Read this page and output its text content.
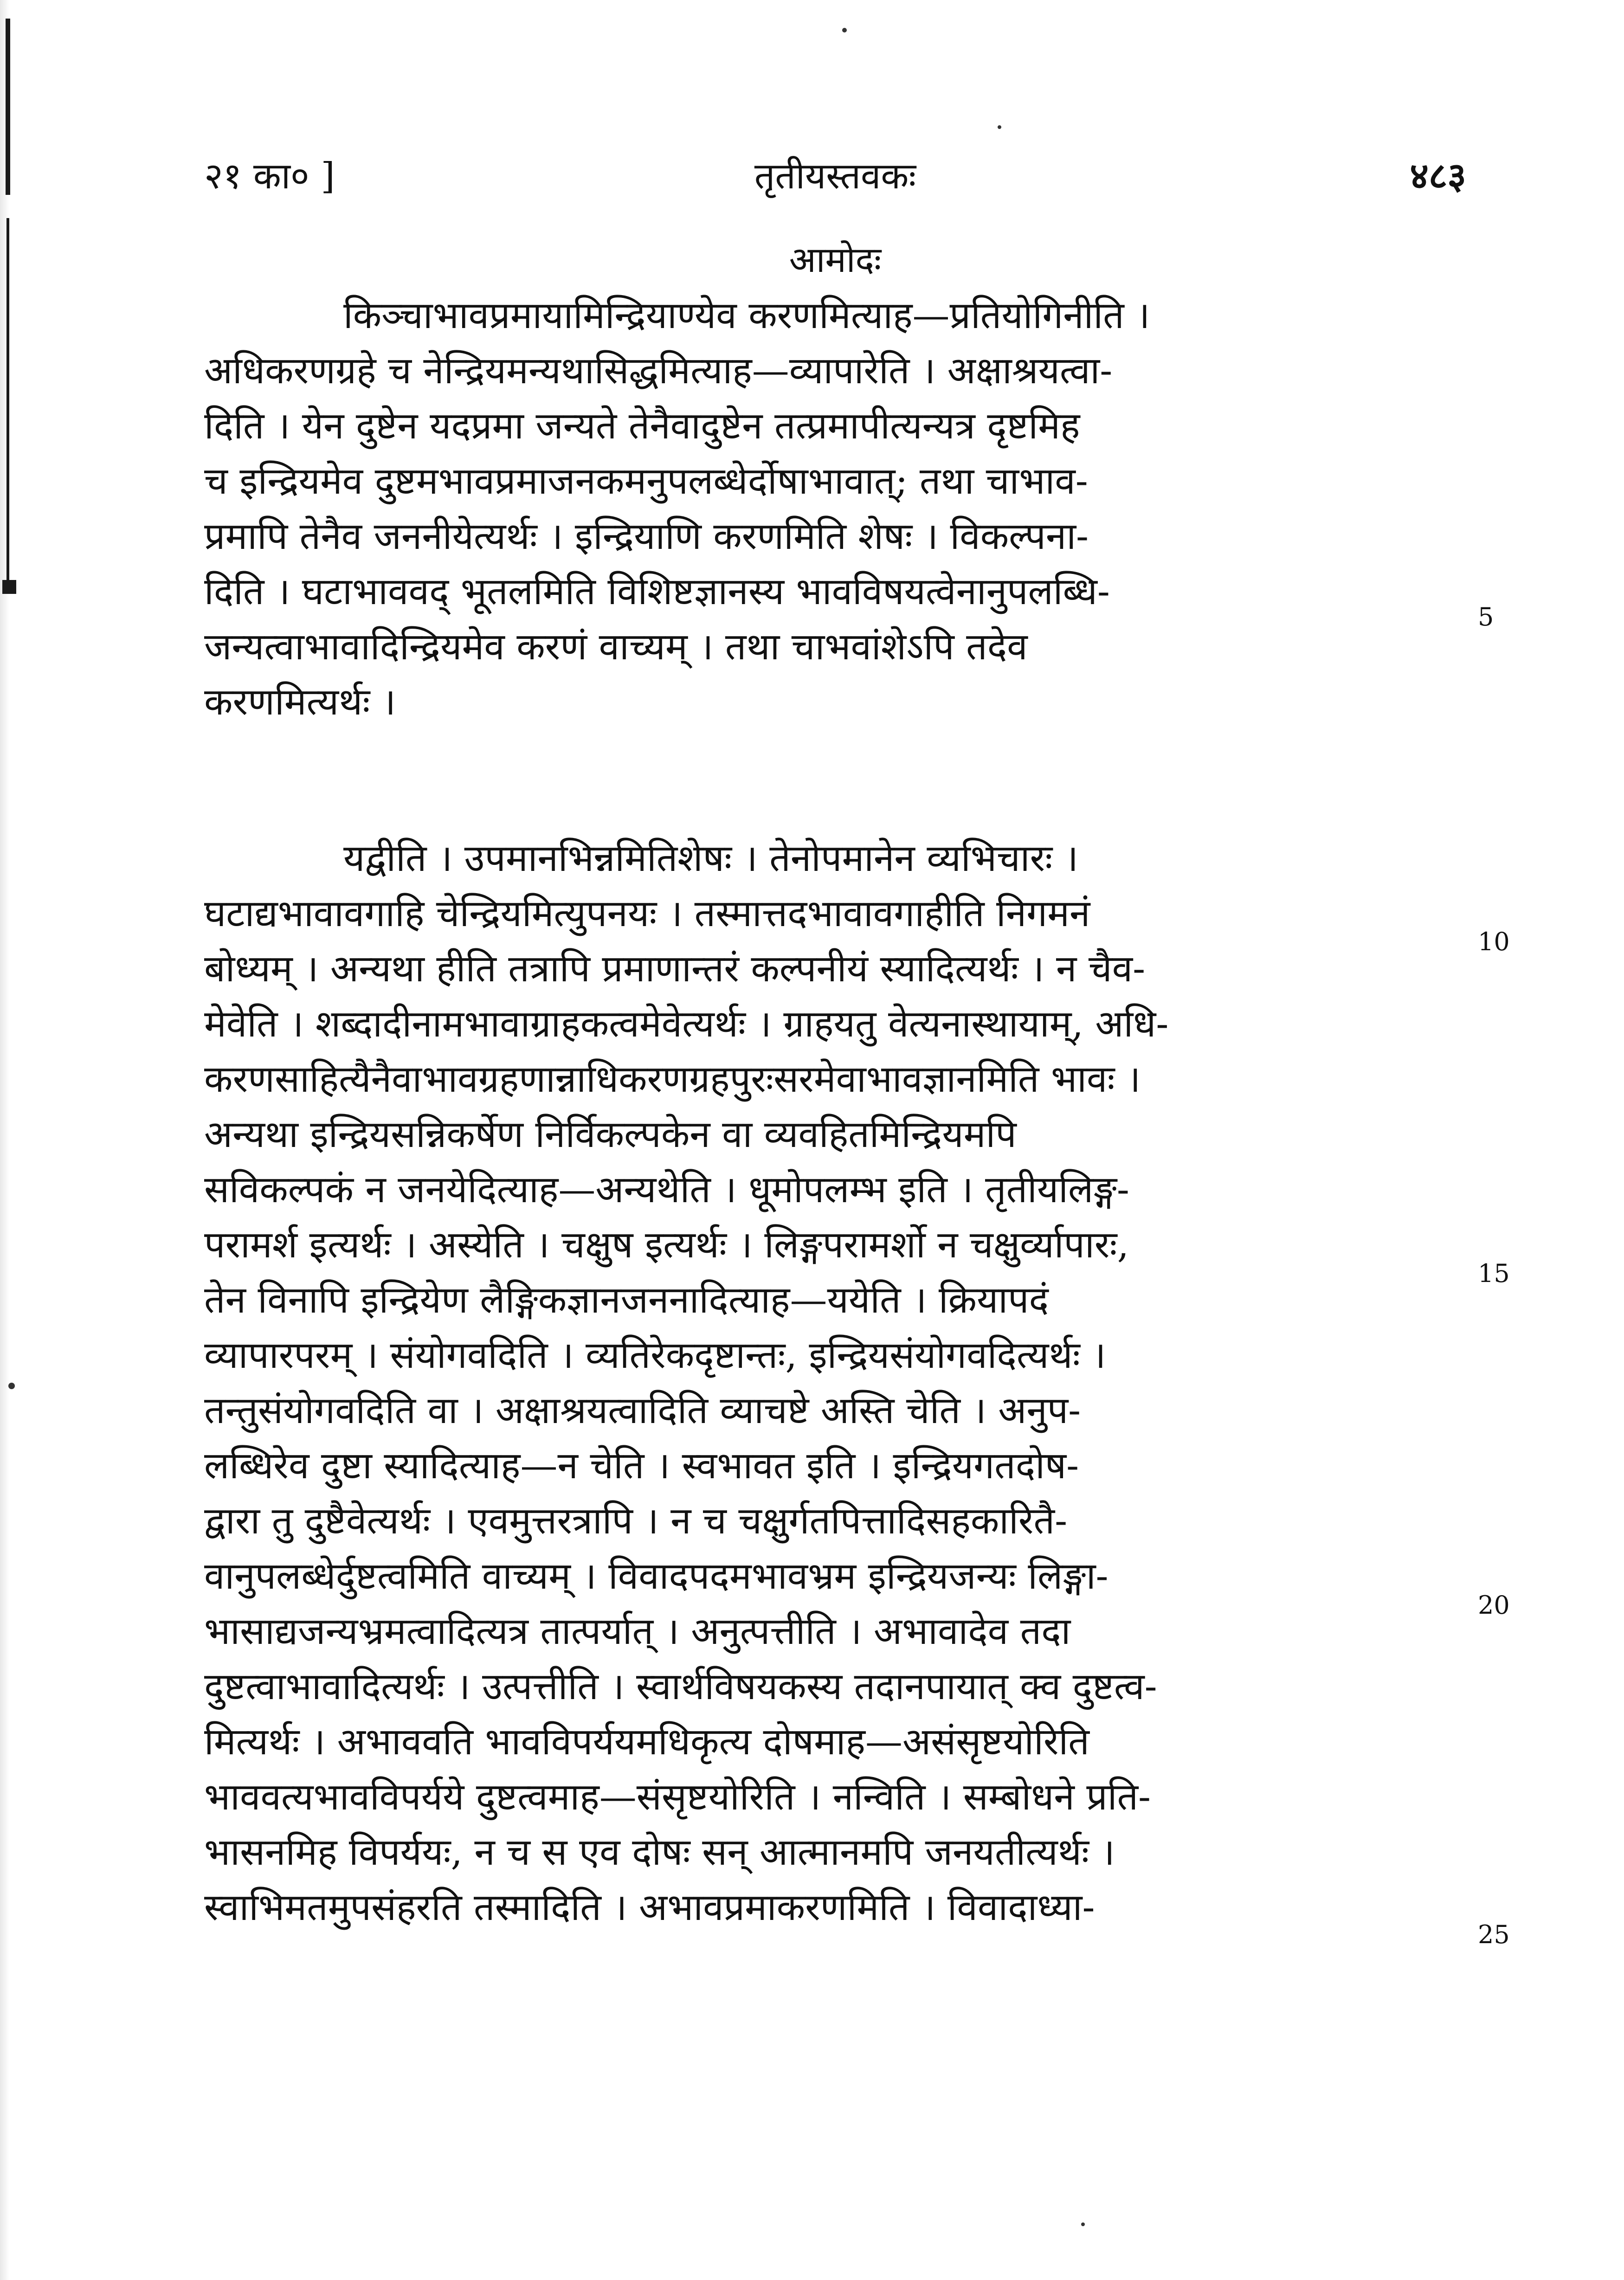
२१ का० ]	तृतीयस्तवकः	४८३
आमोदः
किञ्चाभावप्रमायामिन्द्रियाण्येव करणमित्याह—प्रतियोगिनीति ।
अधिकरणग्रहे च नेन्द्रियमन्यथासिद्धमित्याह—व्यापारेति । अक्षाश्रयत्वा-
दिति । येन दुष्टेन यदप्रमा जन्यते तेनैवादुष्टेन तत्प्रमापीत्यन्यत्र दृष्टमिह
च इन्द्रियमेव दुष्टमभावप्रमाजनकमनुपलब्धेर्दोषाभावात्; तथा चाभाव-
प्रमापि तेनैव जननीयेत्यर्थः । इन्द्रियाणि करणमिति शेषः । विकल्पना-
दिति । घटाभाववद् भूतलमिति विशिष्टज्ञानस्य भावविषयत्वेनानुपलब्धि-
जन्यत्वाभावादिन्द्रियमेव करणं वाच्यम् । तथा चाभवांशेऽपि तदेव
करणमित्यर्थः ।
यद्वीति । उपमानभिन्नमितिशेषः । तेनोपमानेन व्यभिचारः ।
घटाद्यभावावगाहि चेन्द्रियमित्युपनयः । तस्मात्तदभावावगाहीति निगमनं
बोध्यम् । अन्यथा हीति तत्रापि प्रमाणान्तरं कल्पनीयं स्यादित्यर्थः । न चैव-
मेवेति । शब्दादीनामभावाग्राहकत्वमेवेत्यर्थः । ग्राहयतु वेत्यनास्थायाम्, अधि-
करणसाहित्यैनैवाभावग्रहणान्नाधिकरणग्रहपुरःसरमेवाभावज्ञानमिति भावः ।
अन्यथा इन्द्रियसन्निकर्षेण निर्विकल्पकेन वा व्यवहितमिन्द्रियमपि
सविकल्पकं न जनयेदित्याह—अन्यथेति । धूमोपलम्भ इति । तृतीयलिङ्ग-
परामर्श इत्यर्थः । अस्येति । चक्षुष इत्यर्थः । लिङ्गपरामर्शो न चक्षुर्व्यापारः,
तेन विनापि इन्द्रियेण लैङ्गिकज्ञानजननादित्याह—ययेति । क्रियापदं
व्यापारपरम् । संयोगवदिति । व्यतिरेकदृष्टान्तः, इन्द्रियसंयोगवदित्यर्थः ।
तन्तुसंयोगवदिति वा । अक्षाश्रयत्वादिति व्याचष्टे अस्ति चेति । अनुप-
लब्धिरेव दुष्टा स्यादित्याह—न चेति । स्वभावत इति । इन्द्रियगतदोष-
द्वारा तु दुष्टैवेत्यर्थः । एवमुत्तरत्रापि । न च चक्षुर्गतपित्तादिसहकारितै-
वानुपलब्धेर्दुष्टत्वमिति वाच्यम् । विवादपदमभावभ्रम इन्द्रियजन्यः लिङ्गा-
भासाद्यजन्यभ्रमत्वादित्यत्र तात्पर्यात् । अनुत्पत्तीति । अभावादेव तदा
दुष्टत्वाभावादित्यर्थः । उत्पत्तीति । स्वार्थविषयकस्य तदानपायात् क्व दुष्टत्व-
मित्यर्थः । अभाववति भावविपर्ययमधिकृत्य दोषमाह—असंसृष्टयोरिति
भाववत्यभावविपर्यये दुष्टत्वमाह—संसृष्टयोरिति । नन्विति । सम्बोधने प्रति-
भासनमिह विपर्ययः, न च स एव दोषः सन् आत्मानमपि जनयतीत्यर्थः ।
स्वाभिमतमुपसंहरति तस्मादिति । अभावप्रमाकरणमिति । विवादाध्या-
5
10
15
20
25
